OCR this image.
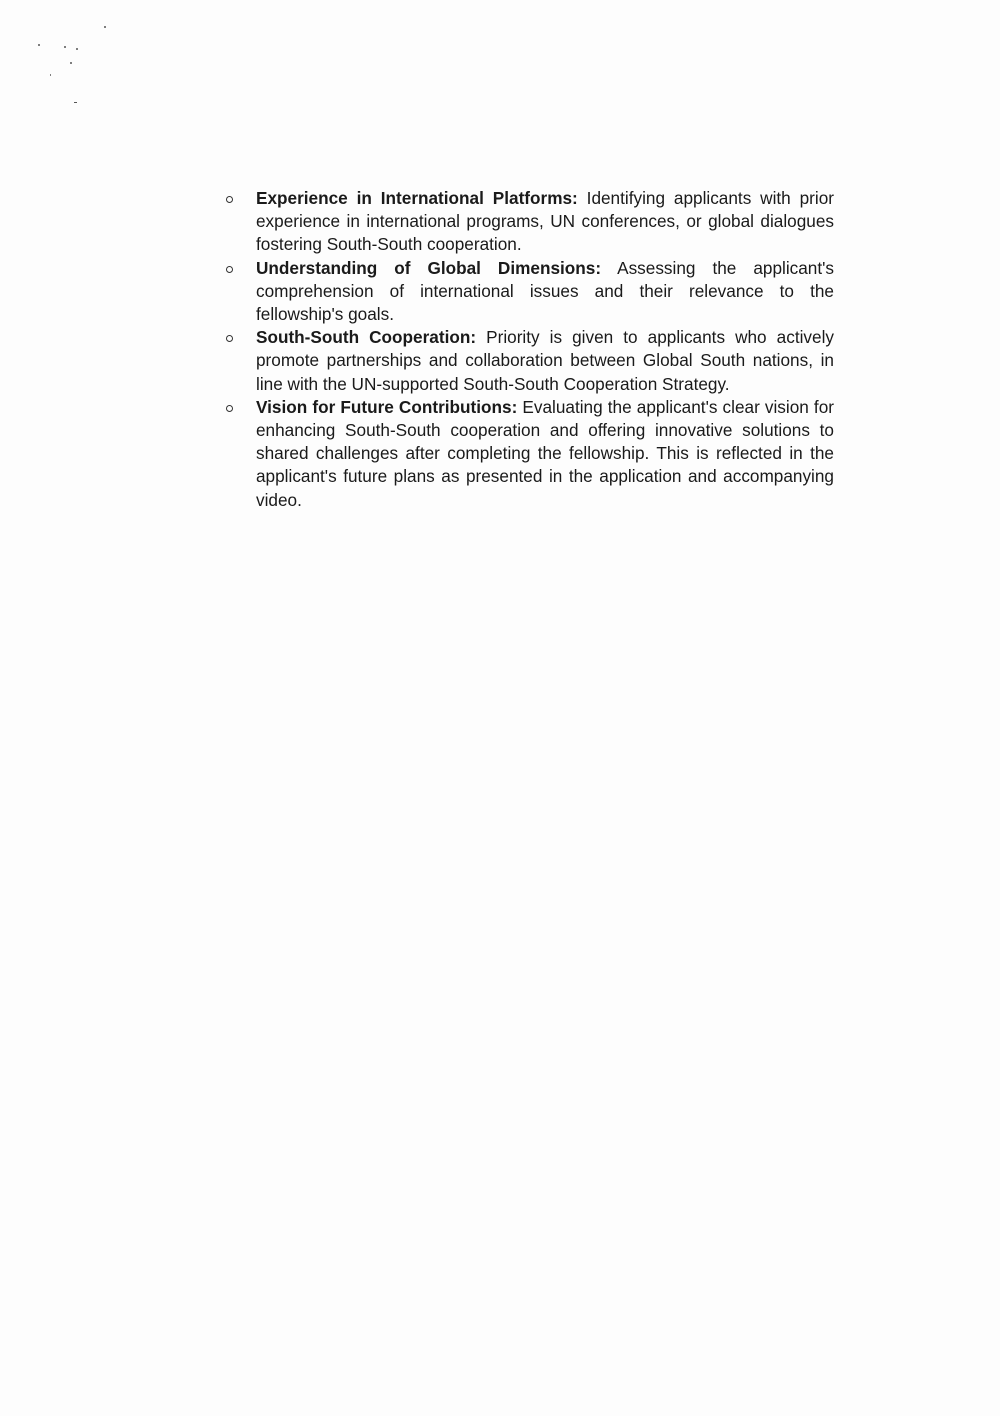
Experience in International Platforms: Identifying applicants with prior experience in international programs, UN conferences, or global dialogues fostering South-South cooperation.
Understanding of Global Dimensions: Assessing the applicant's comprehension of international issues and their relevance to the fellowship's goals.
South-South Cooperation: Priority is given to applicants who actively promote partnerships and collaboration between Global South nations, in line with the UN-supported South-South Cooperation Strategy.
Vision for Future Contributions: Evaluating the applicant's clear vision for enhancing South-South cooperation and offering innovative solutions to shared challenges after completing the fellowship. This is reflected in the applicant's future plans as presented in the application and accompanying video.
